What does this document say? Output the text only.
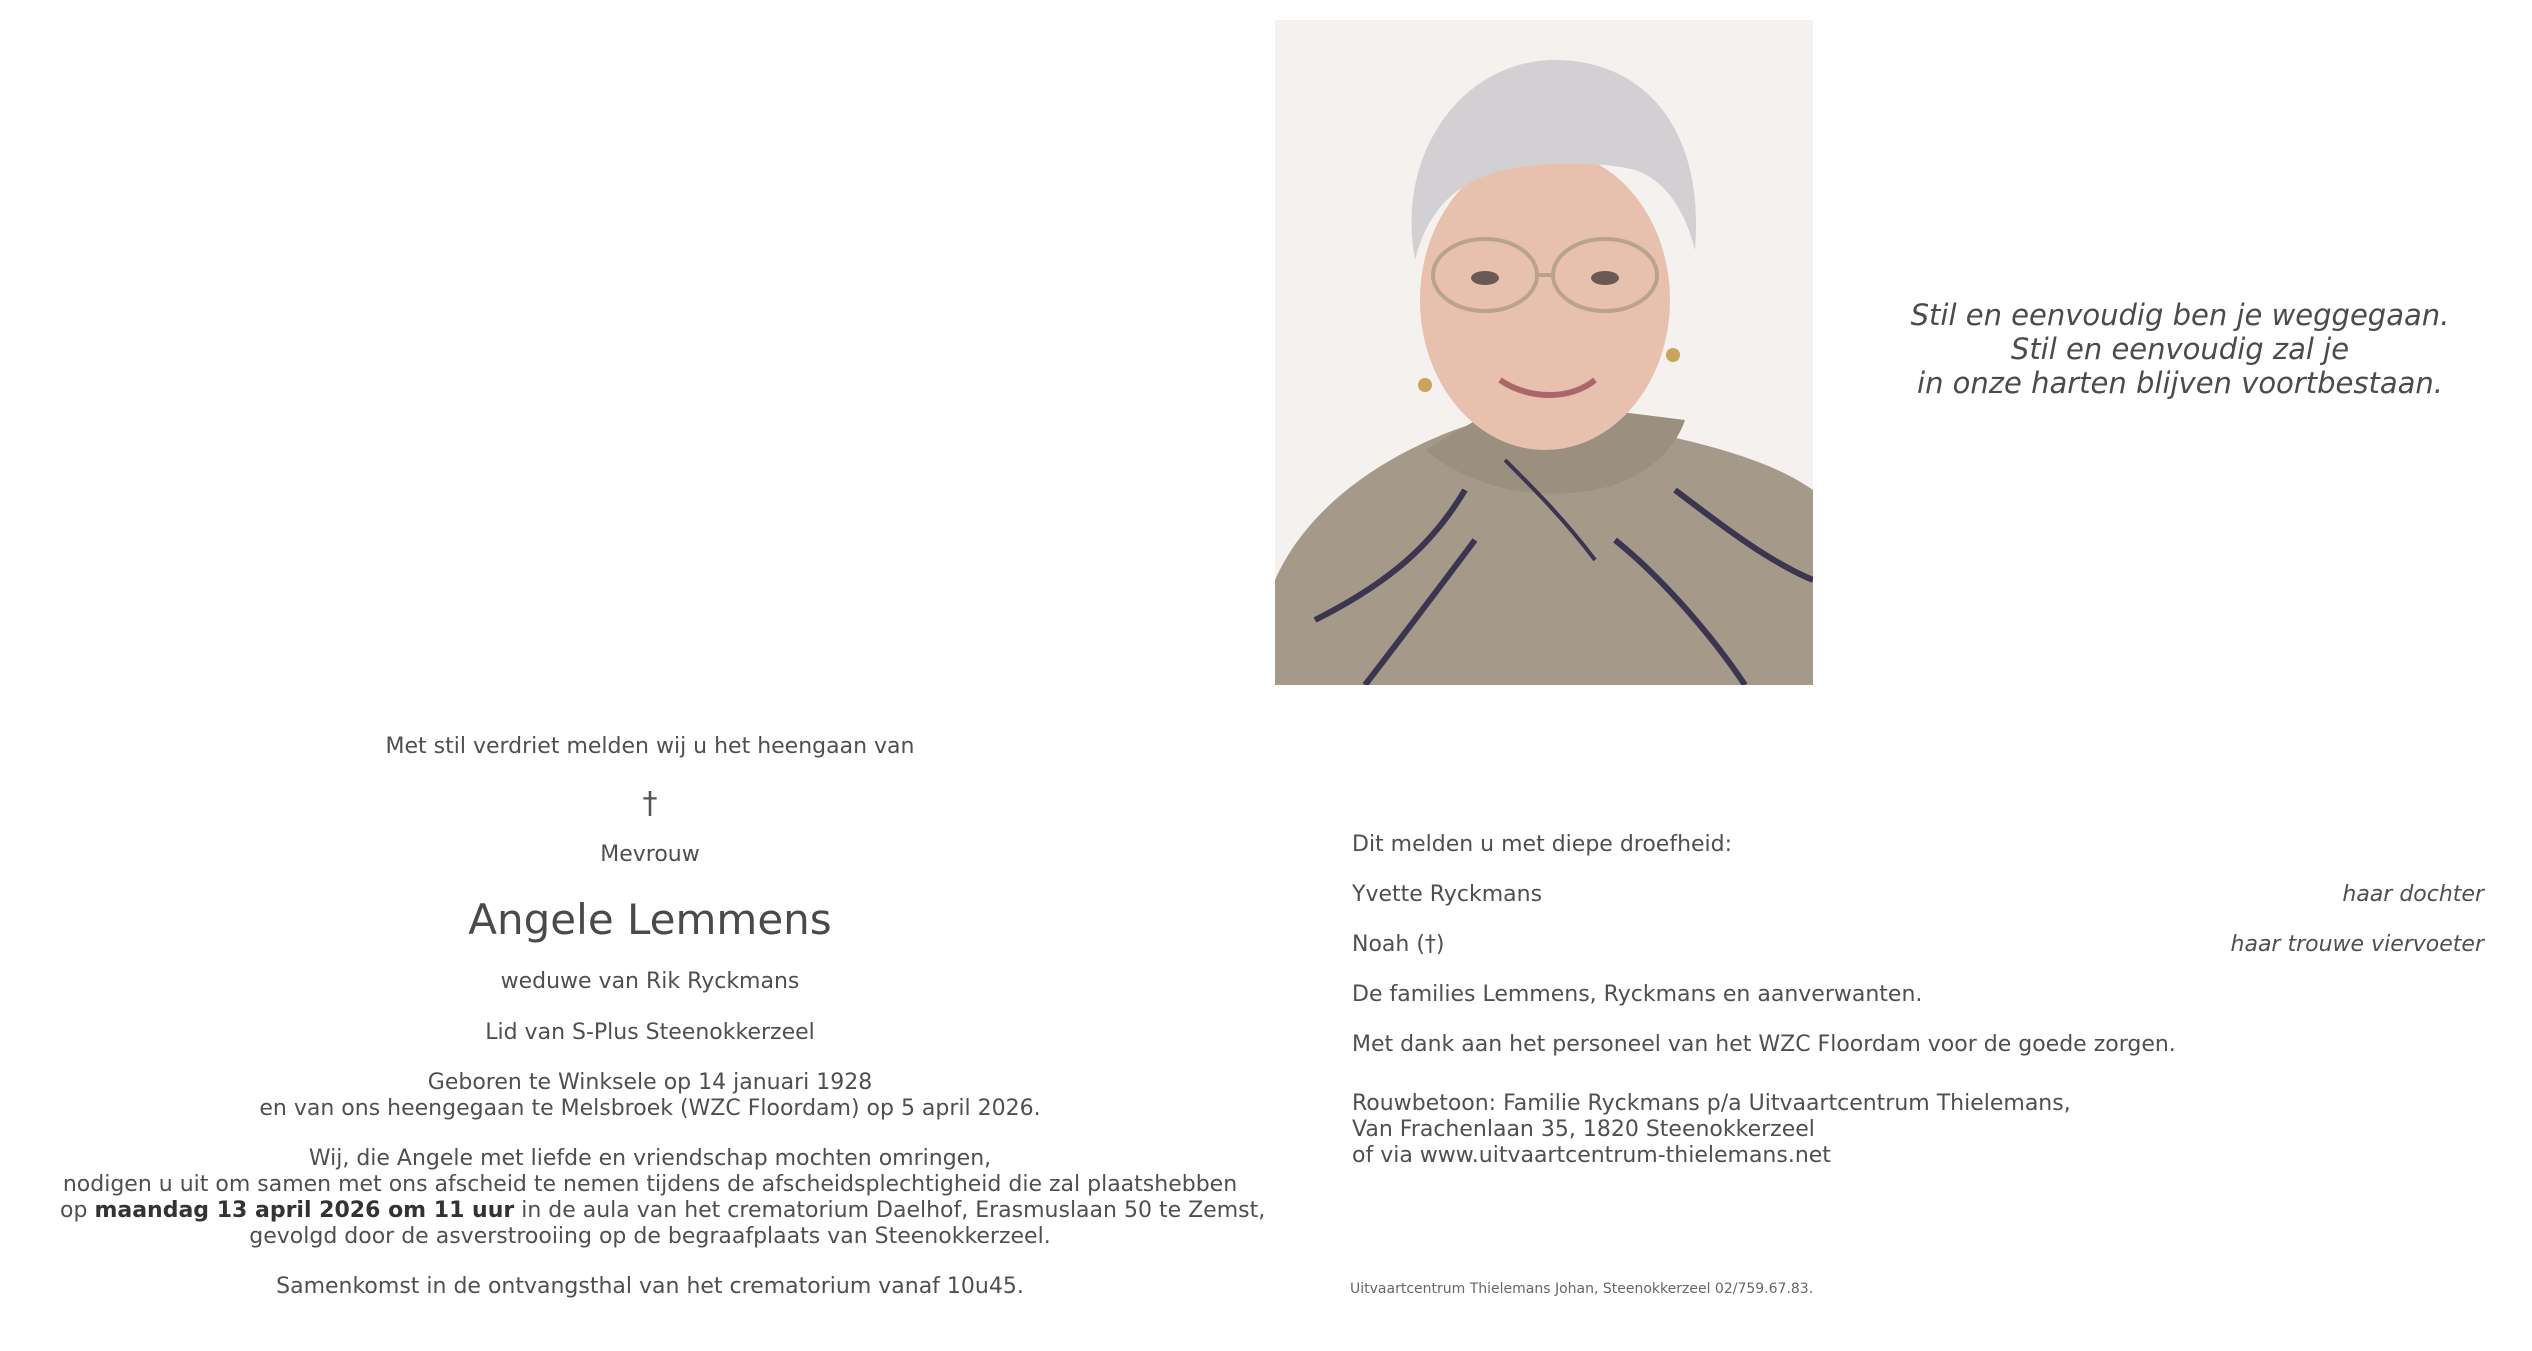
Stil en eenvoudig ben je weggegaan.
Stil en eenvoudig zal je
in onze harten blijven voortbestaan.
Met stil verdriet melden wij u het heengaan van
†
Mevrouw
Angele Lemmens
weduwe van Rik Ryckmans
Lid van S-Plus Steenokkerzeel
Geboren te Winksele op 14 januari 1928
en van ons heengegaan te Melsbroek (WZC Floordam) op 5 april 2026.
Wij, die Angele met liefde en vriendschap mochten omringen,
nodigen u uit om samen met ons afscheid te nemen tijdens de afscheidsplechtigheid die zal plaatshebben
op maandag 13 april 2026 om 11 uur in de aula van het crematorium Daelhof, Erasmuslaan 50 te Zemst,
gevolgd door de asverstrooiing op de begraafplaats van Steenokkerzeel.
Samenkomst in de ontvangsthal van het crematorium vanaf 10u45.
Dit melden u met diepe droefheid:
Yvette Ryckmans	haar dochter
Noah (†)	haar trouwe viervoeter
De families Lemmens, Ryckmans en aanverwanten.
Met dank aan het personeel van het WZC Floordam voor de goede zorgen.
Rouwbetoon: Familie Ryckmans p/a Uitvaartcentrum Thielemans,
Van Frachenlaan 35, 1820 Steenokkerzeel
of via www.uitvaartcentrum-thielemans.net
Uitvaartcentrum Thielemans Johan, Steenokkerzeel 02/759.67.83.
